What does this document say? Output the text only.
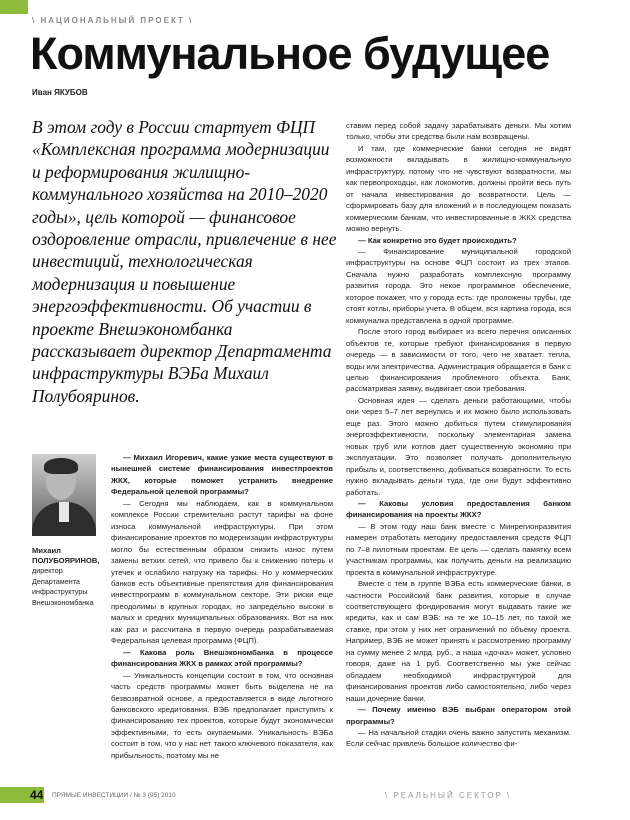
\ НАЦИОНАЛЬНЫЙ ПРОЕКТ \
Коммунальное будущее
Иван ЯКУБОВ
В этом году в России стартует ФЦП «Комплексная программа модернизации и реформирования жилищно-коммунального хозяйства на 2010–2020 годы», цель которой — финансовое оздоровление отрасли, привлечение в нее инвестиций, технологическая модернизация и повышение энергоэффективности. Об участии в проекте Внешэкономбанка рассказывает директор Департамента инфраструктуры ВЭБа Михаил Полубояринов.
Михаил ПОЛУБОЯРИНОВ,
директор Департамента инфраструктуры Внешэкономбанка

— Михаил Игоревич, какие узкие места существуют в нынешней системе финансирования инвестпроектов ЖКХ, которые поможет устранить внедрение Федеральной целевой программы?

— Сегодня мы наблюдаем, как в коммунальном комплексе России стремительно растут тарифы на фоне износа коммунальной инфраструктуры. При этом финансирование проектов по модернизации инфраструктуры могло бы естественным образом снизить износ путем замены ветхих сетей, что привело бы к снижению потерь и утечек и ослабило нагрузку на тарифы. Но у коммерческих банков есть объективные препятствия для финансирования инвестпрограмм в коммунальном секторе. Эти риски еще преодолимы в крупных городах, но запредельно высоки в малых и средних муниципальных образованиях. Вот на них как раз и рассчитана в первую очередь разрабатываемая Федеральная целевая программа (ФЦП).

— Какова роль Внешэкономбанка в процессе финансирования ЖКХ в рамках этой программы?

— Уникальность концепции состоит в том, что основная часть средств программы может быть выделена не на безвозвратной основе, а предоставляется в виде льготного банковского кредитования. ВЭБ предполагает приступить к финансированию тех проектов, которые будут экономически эффективными, то есть окупаемыми. Уникальность ВЭБа состоит в том, что у нас нет такого ключевого показателя, как прибыльность, поэтому мы не

ставим перед собой задачу зарабатывать деньги. Мы хотим только, чтобы эти средства были нам возвращены.

И там, где коммерческие банки сегодня не видят возможности вкладывать в жилищно-коммунальную инфраструктуру, потому что не чувствуют возвратности, мы как первопроходцы, как локомотив, должны пройти весь путь от начала инвестирования до возвратности. Цель — сформировать базу для вложений и в последующем показать коммерческим банкам, что инвестированные в ЖКХ средства можно вернуть.

— Как конкретно это будет происходить?

— Финансирование муниципальной городской инфраструктуры на основе ФЦП состоит из трех этапов. Сначала нужно разработать комплексную программу развития города. Это некое программное обеспечение, которое покажет, что у города есть: где проложены трубы, где стоят котлы, приборы учета. В общем, вся картина города, вся коммуналка представлена в одной программе.

После этого город выбирает из всего перечня описанных объектов те, которые требуют финансирования в первую очередь — в зависимости от того, чего не хватает: тепла, воды или электричества. Администрация обращается в банк с целью финансирования проблемного объекта. Банк, рассматривая заявку, выдвигает свои требования.

Основная идея — сделать деньги работающими, чтобы они через 5–7 лет вернулись и их можно было использовать еще раз. Этого можно добиться путем стимулирования энергоэффективности, поскольку элементарная замена новых труб или котлов дает существенную экономию при эксплуатации. Это позволяет получать дополнительную прибыль и, соответственно, добиваться возвратности. То есть нужно вкладывать деньги туда, где они будут эффективно работать.

— Каковы условия предоставления банком финансирования на проекты ЖКХ?

— В этом году наш банк вместе с Минрегионразвития намерен отработать методику предоставления средств ФЦП по 7–8 пилотным проектам. Ее цель — сделать памятку всем участникам программы, как получить деньги на реализацию проекта в коммунальной инфраструктуре.

Вместе с тем в группе ВЭБа есть коммерческие банки, в частности Российский банк развития, которые в случае соответствующего фондирования могут выдавать такие же кредиты, как и сам ВЭБ: на те же 10–15 лет, по такой же ставке, при этом у них нет ограничений по объему проекта. Например, ВЭБ не может принять к рассмотрению программу на сумму менее 2 млрд. руб., а наша «дочка» может, условно говоря, даже на 1 руб. Соответственно мы уже сейчас обладаем необходимой инфраструктурой для финансирования проектов либо самостоятельно, либо через наши дочерние банки.

— Почему именно ВЭБ выбран оператором этой программы?

— На начальной стадии очень важно запустить механизм. Если сейчас привлечь большое количество фи-

44 ПРЯМЫЕ ИНВЕСТИЦИИ / № 3 (95) 2010	\ РЕАЛЬНЫЙ СЕКТОР \
